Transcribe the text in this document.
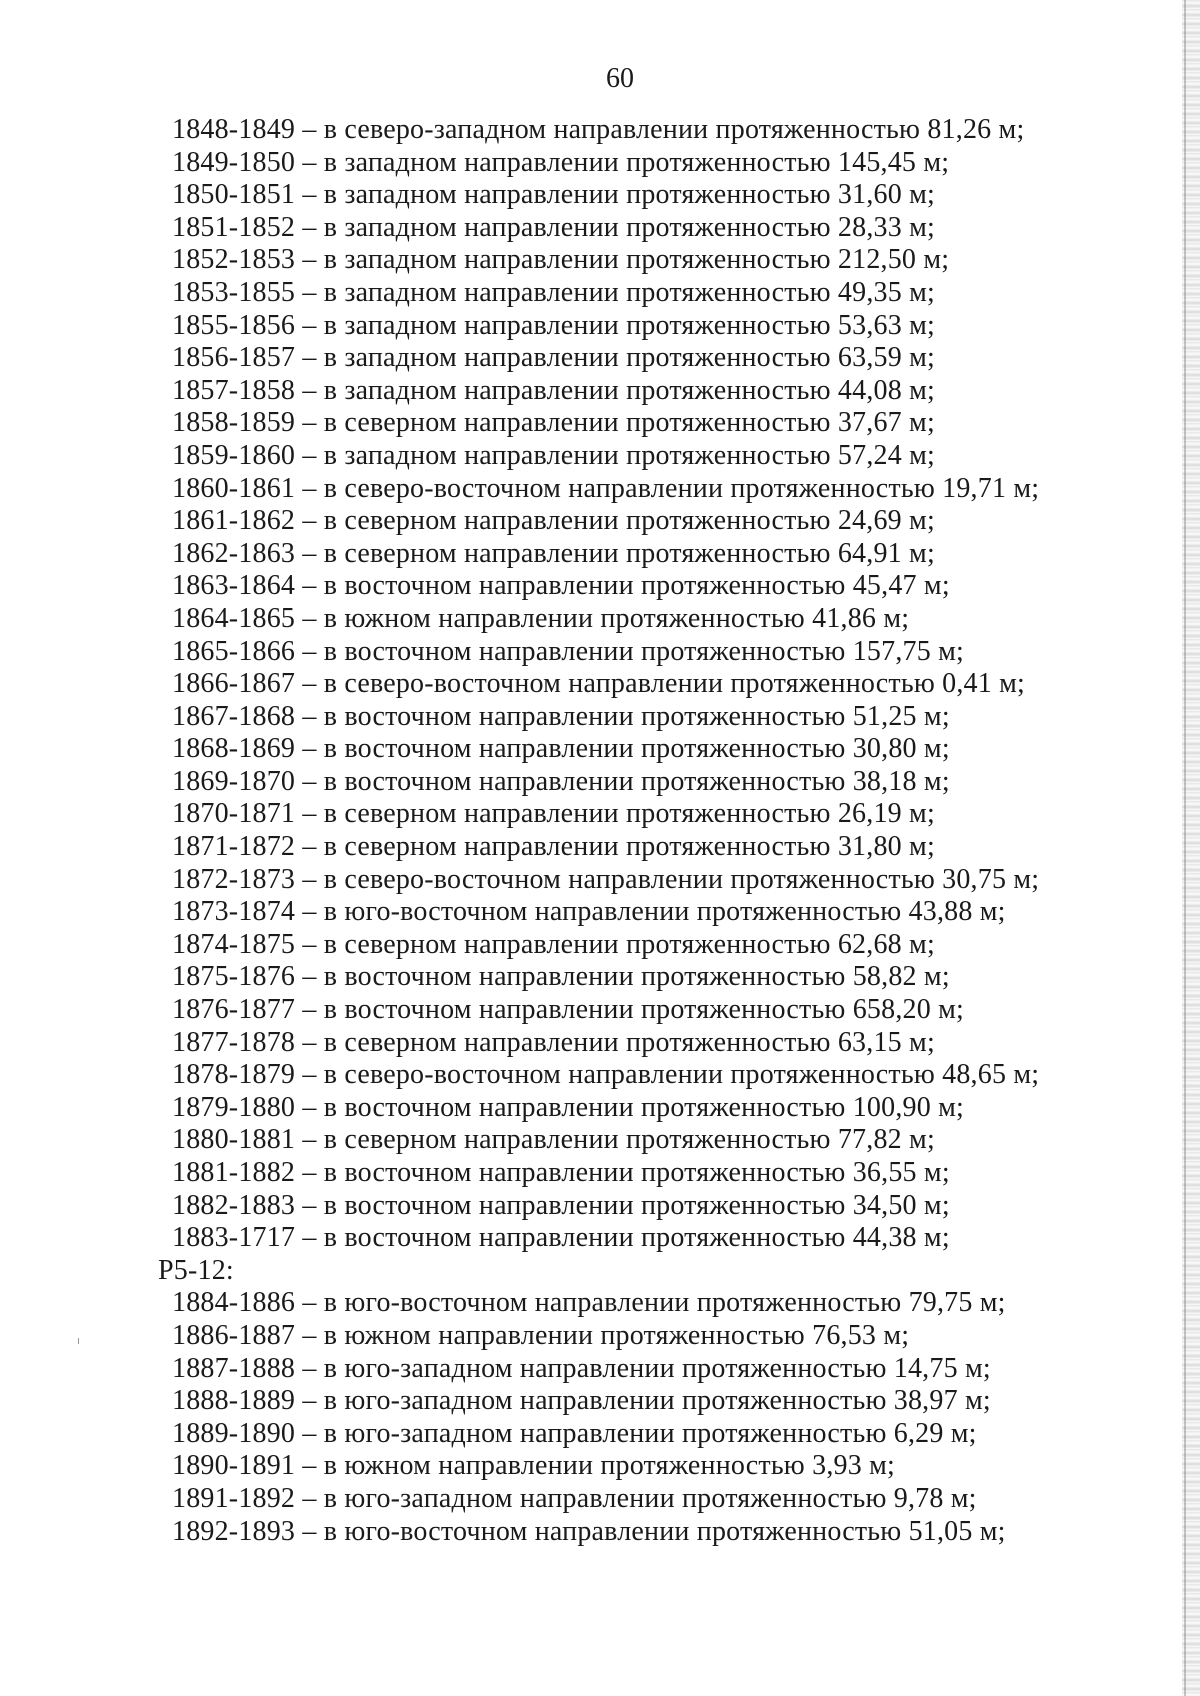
60
1848-1849 – в северо-западном направлении протяженностью 81,26 м;
1849-1850 – в западном направлении протяженностью 145,45 м;
1850-1851 – в западном направлении протяженностью 31,60 м;
1851-1852 – в западном направлении протяженностью 28,33 м;
1852-1853 – в западном направлении протяженностью 212,50 м;
1853-1855 – в западном направлении протяженностью 49,35 м;
1855-1856 – в западном направлении протяженностью 53,63 м;
1856-1857 – в западном направлении протяженностью 63,59 м;
1857-1858 – в западном направлении протяженностью 44,08 м;
1858-1859 – в северном направлении протяженностью 37,67 м;
1859-1860 – в западном направлении протяженностью 57,24 м;
1860-1861 – в северо-восточном направлении протяженностью 19,71 м;
1861-1862 – в северном направлении протяженностью 24,69 м;
1862-1863 – в северном направлении протяженностью 64,91 м;
1863-1864 – в восточном направлении протяженностью 45,47 м;
1864-1865 – в южном направлении протяженностью 41,86 м;
1865-1866 – в восточном направлении протяженностью 157,75 м;
1866-1867 – в северо-восточном направлении протяженностью 0,41 м;
1867-1868 – в восточном направлении протяженностью 51,25 м;
1868-1869 – в восточном направлении протяженностью 30,80 м;
1869-1870 – в восточном направлении протяженностью 38,18 м;
1870-1871 – в северном направлении протяженностью 26,19 м;
1871-1872 – в северном направлении протяженностью 31,80 м;
1872-1873 – в северо-восточном направлении протяженностью 30,75 м;
1873-1874 – в юго-восточном направлении протяженностью 43,88 м;
1874-1875 – в северном направлении протяженностью 62,68 м;
1875-1876 – в восточном направлении протяженностью 58,82 м;
1876-1877 – в восточном направлении протяженностью 658,20 м;
1877-1878 – в северном направлении протяженностью 63,15 м;
1878-1879 – в северо-восточном направлении протяженностью 48,65 м;
1879-1880 – в восточном направлении протяженностью 100,90 м;
1880-1881 – в северном направлении протяженностью 77,82 м;
1881-1882 – в восточном направлении протяженностью 36,55 м;
1882-1883 – в восточном направлении протяженностью 34,50 м;
1883-1717 – в восточном направлении протяженностью 44,38 м;
Р5-12:
1884-1886 – в юго-восточном направлении протяженностью 79,75 м;
1886-1887 – в южном направлении протяженностью 76,53 м;
1887-1888 – в юго-западном направлении протяженностью 14,75 м;
1888-1889 – в юго-западном направлении протяженностью 38,97 м;
1889-1890 – в юго-западном направлении протяженностью 6,29 м;
1890-1891 – в южном направлении протяженностью 3,93 м;
1891-1892 – в юго-западном направлении протяженностью 9,78 м;
1892-1893 – в юго-восточном направлении протяженностью 51,05 м;
